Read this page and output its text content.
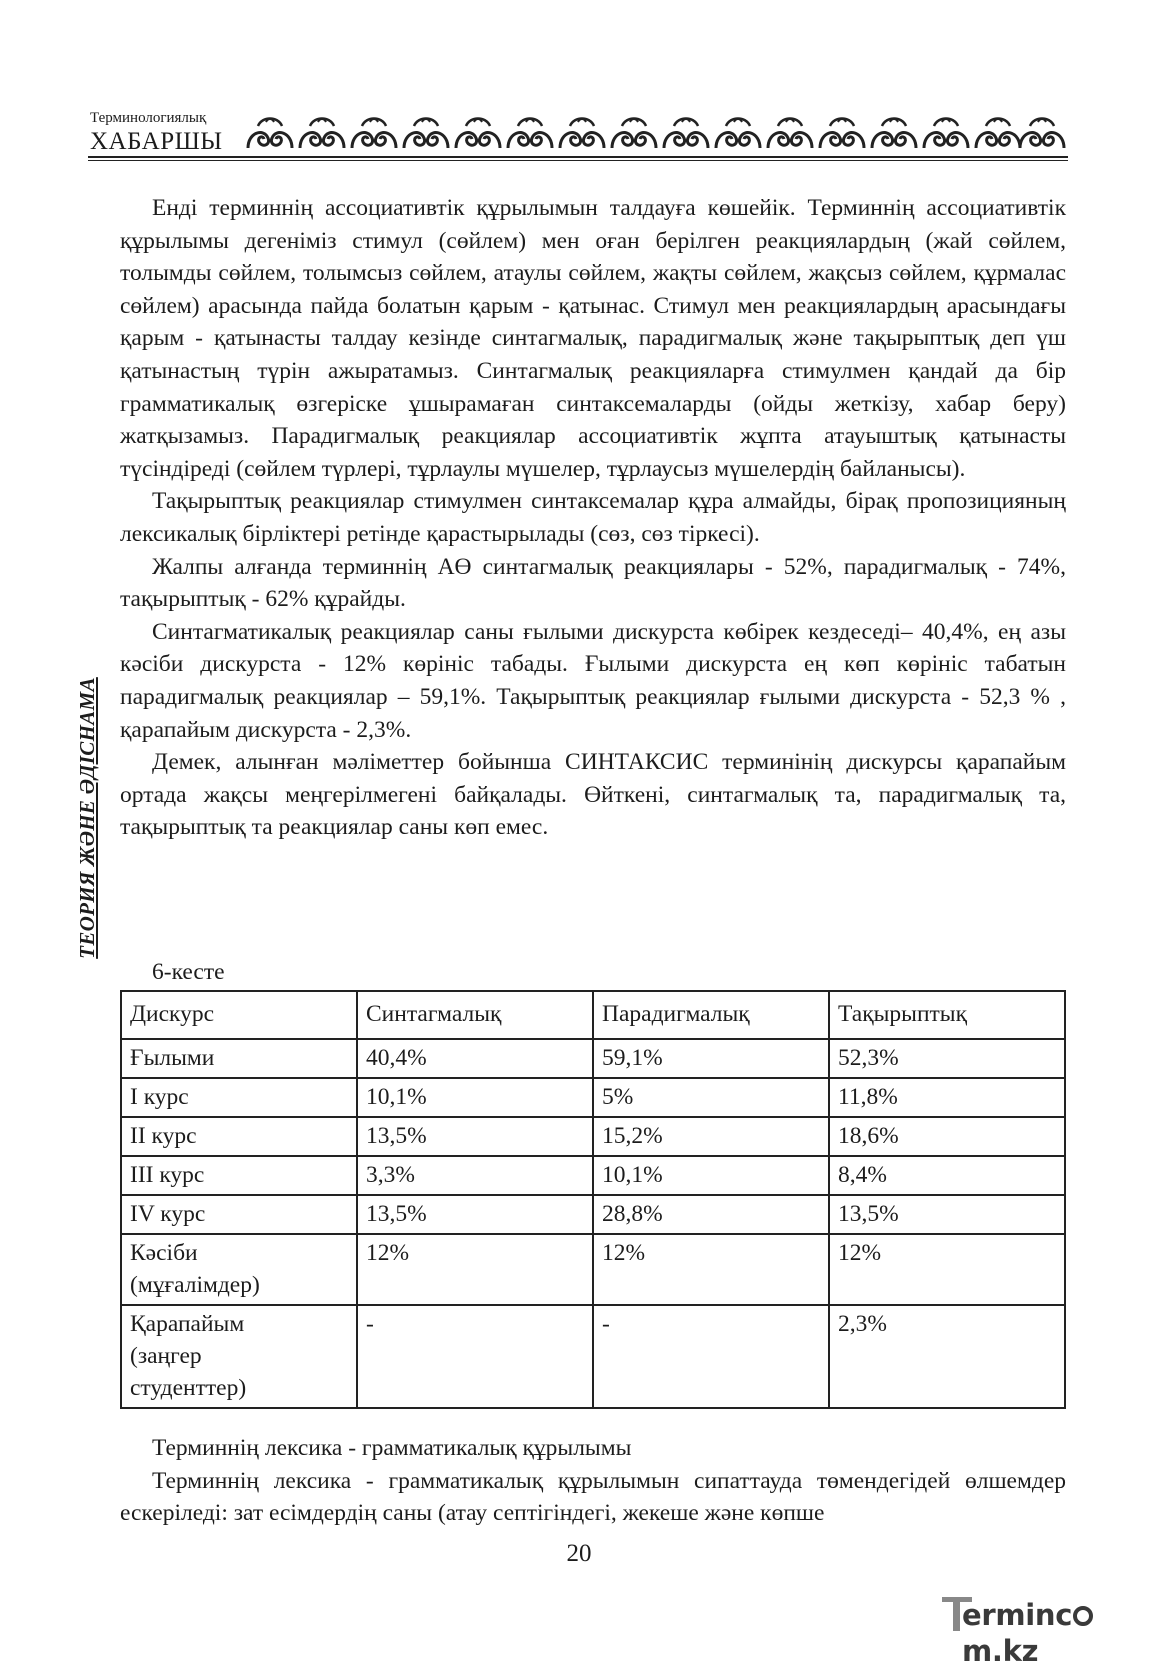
Терминологиялық
ХАБАРШЫ
ТЕОРИЯ ЖӘНЕ ӘДІСНАМА

Енді терминнің ассоциативтік құрылымын талдауға көшейік. Терминнің ассоциативтік құрылымы дегеніміз стимул (сөйлем) мен оған берілген реакциялардың (жай сөйлем, толымды сөйлем, толымсыз сөйлем, атаулы сөйлем, жақты сөйлем, жақсыз сөйлем, құрмалас сөйлем) арасында пайда болатын қарым - қатынас. Стимул мен реакциялардың арасындағы қарым - қатынасты талдау кезінде синтагмалық, парадигмалық және тақырыптық деп үш қатынастың түрін ажыратамыз. Синтагмалық реакцияларға стимулмен қандай да бір грамматикалық өзгеріске ұшырамаған синтаксемаларды (ойды жеткізу, хабар беру) жатқызамыз. Парадигмалық реакциялар ассоциативтік жұпта атауыштық қатынасты түсіндіреді (сөйлем түрлері, тұрлаулы мүшелер, тұрлаусыз мүшелердің байланысы).

Тақырыптық реакциялар стимулмен синтаксемалар құра алмайды, бірақ пропозицияның лексикалық бірліктері ретінде қарастырылады (сөз, сөз тіркесі).

Жалпы алғанда терминнің АӨ синтагмалық реакциялары - 52%, парадигмалық - 74%, тақырыптық - 62% құрайды.

Синтагматикалық реакциялар саны ғылыми дискурста көбірек кездеседі– 40,4%, ең азы кәсіби дискурста - 12% көрініс табады. Ғылыми дискурста ең көп көрініс табатын парадигмалық реакциялар – 59,1%. Тақырыптық реакциялар ғылыми дискурста - 52,3 % , қарапайым дискурста - 2,3%.

Демек, алынған мәліметтер бойынша СИНТАКСИС терминінің дискурсы қарапайым ортада жақсы меңгерілмегені байқалады. Өйткені, синтагмалық та, парадигмалық та, тақырыптық та реакциялар саны көп емес.

6-кесте
Дискурс	Синтагмалық	Парадигмалық	Тақырыптық
Ғылыми	40,4%	59,1%	52,3%
І курс	10,1%	5%	11,8%
ІІ курс	13,5%	15,2%	18,6%
ІІІ курс	3,3%	10,1%	8,4%
ІV курс	13,5%	28,8%	13,5%
Кәсіби
(мұғалімдер)	12%	12%	12%
Қарапайым
(заңгер
студенттер)	-	-	2,3%

Терминнің лексика - грамматикалық құрылымы

Терминнің лексика - грамматикалық құрылымын сипаттауда төмендегідей өлшемдер ескеріледі: зат есімдердің саны (атау септігіндегі, жекеше және көпше

20
ermincm.kz
